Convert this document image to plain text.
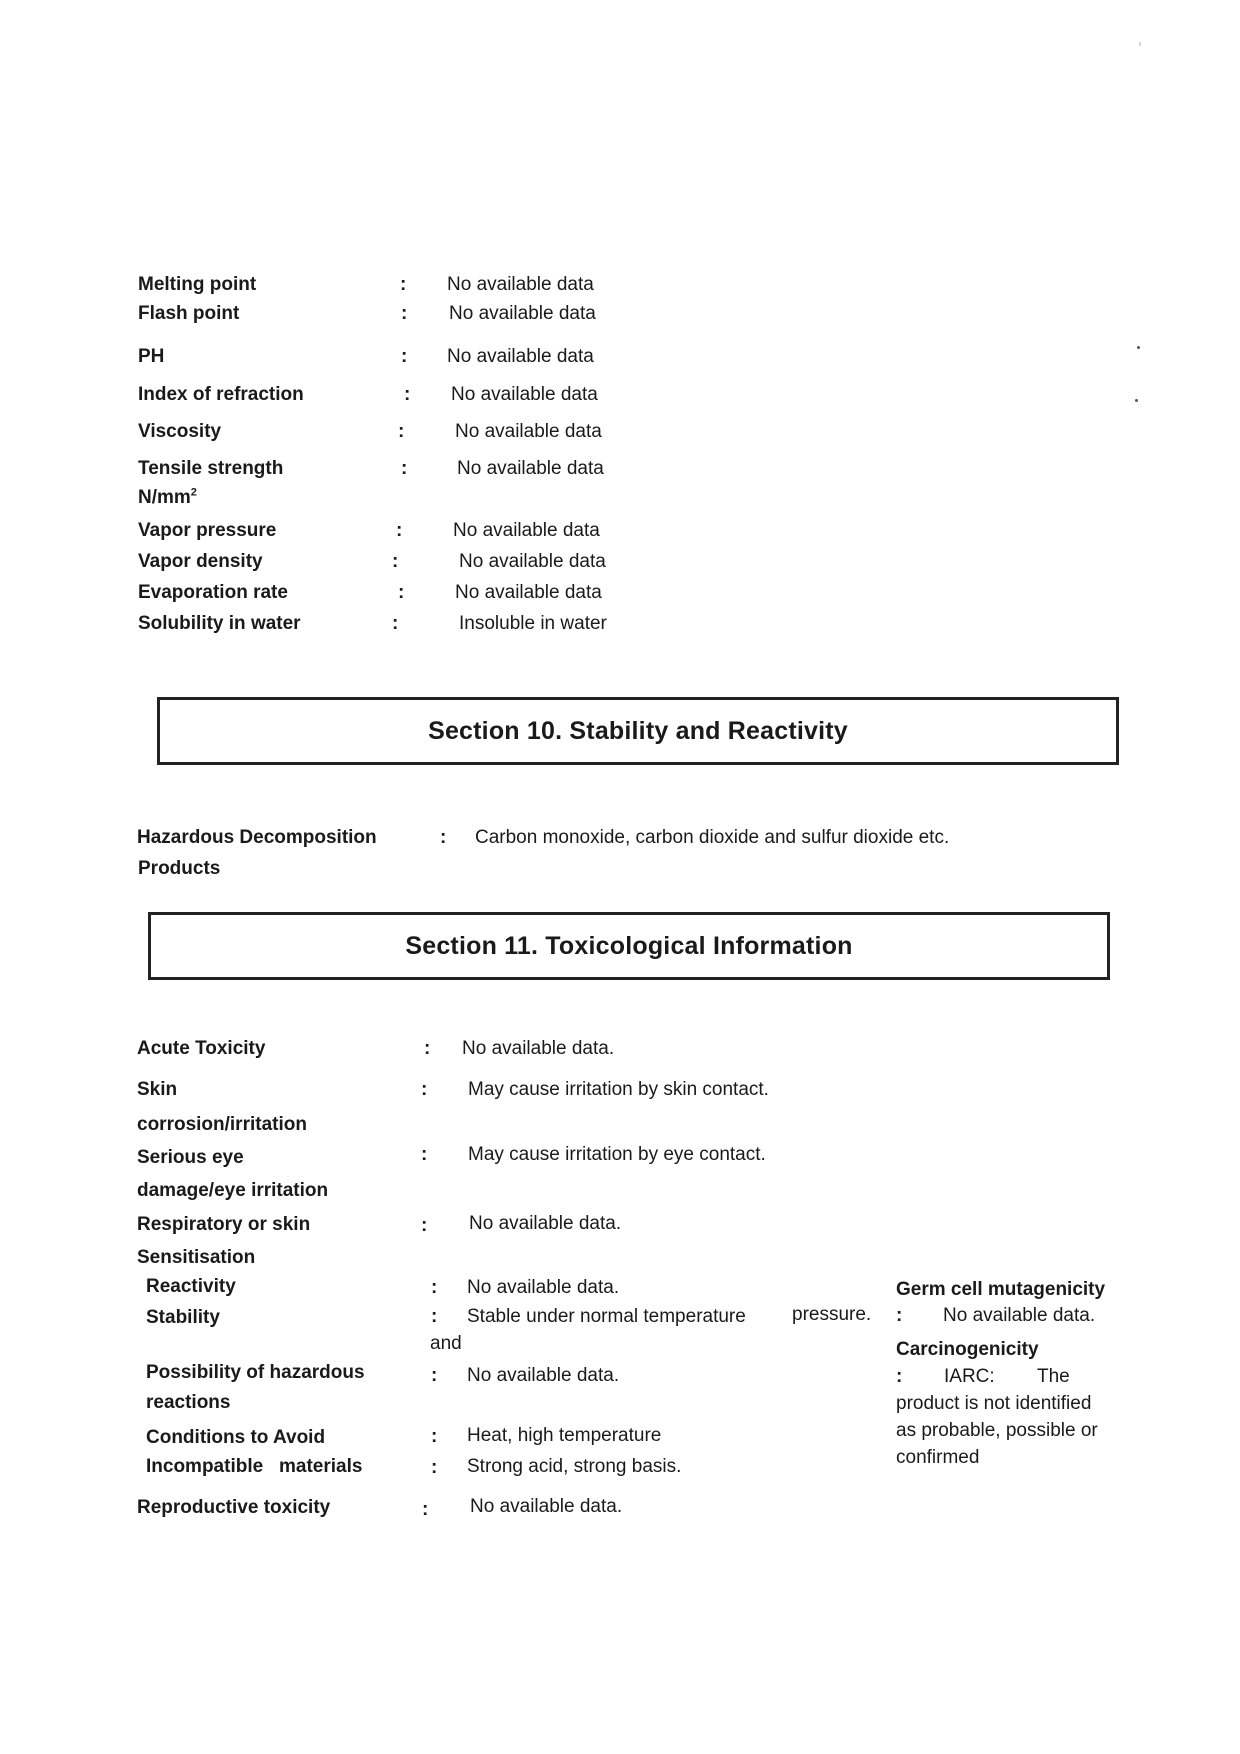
Melting point	: No available data
Flash point	: No available data
PH	: No available data
Index of refraction	: No available data
Viscosity	:	No available data
Tensile strength
$N/mm^2$
:	No available data
Vapor pressure	:	No available data
Vapor density	:	No available data
Evaporation rate	:	No available data
Solubility in water	:	Insoluble in water
Section 10. Stability and Reactivity
Hazardous Decomposition
Products
: Carbon monoxide, carbon dioxide and sulfur dioxide etc.
Section 11. Toxicological Information
Acute Toxicity	: No available data.
Skin
corrosion/irritation
: May cause irritation by skin contact.
Serious eye
damage/eye irritation
: May cause irritation by eye contact.
Respiratory or skin
Sensitisation
: No available data.
Reactivity	: No available data.
Stability	: Stable under normal temperature pressure.
and
Possibility of hazardous
reactions
: No available data.
Conditions to Avoid	: Heat, high temperature
Incompatible   materials	: Strong acid, strong basis.
Reproductive toxicity	: No available data.
Germ cell mutagenicity
: No available data.
Carcinogenicity
: IARC: The
product is not identified
as probable, possible or
confirmed
